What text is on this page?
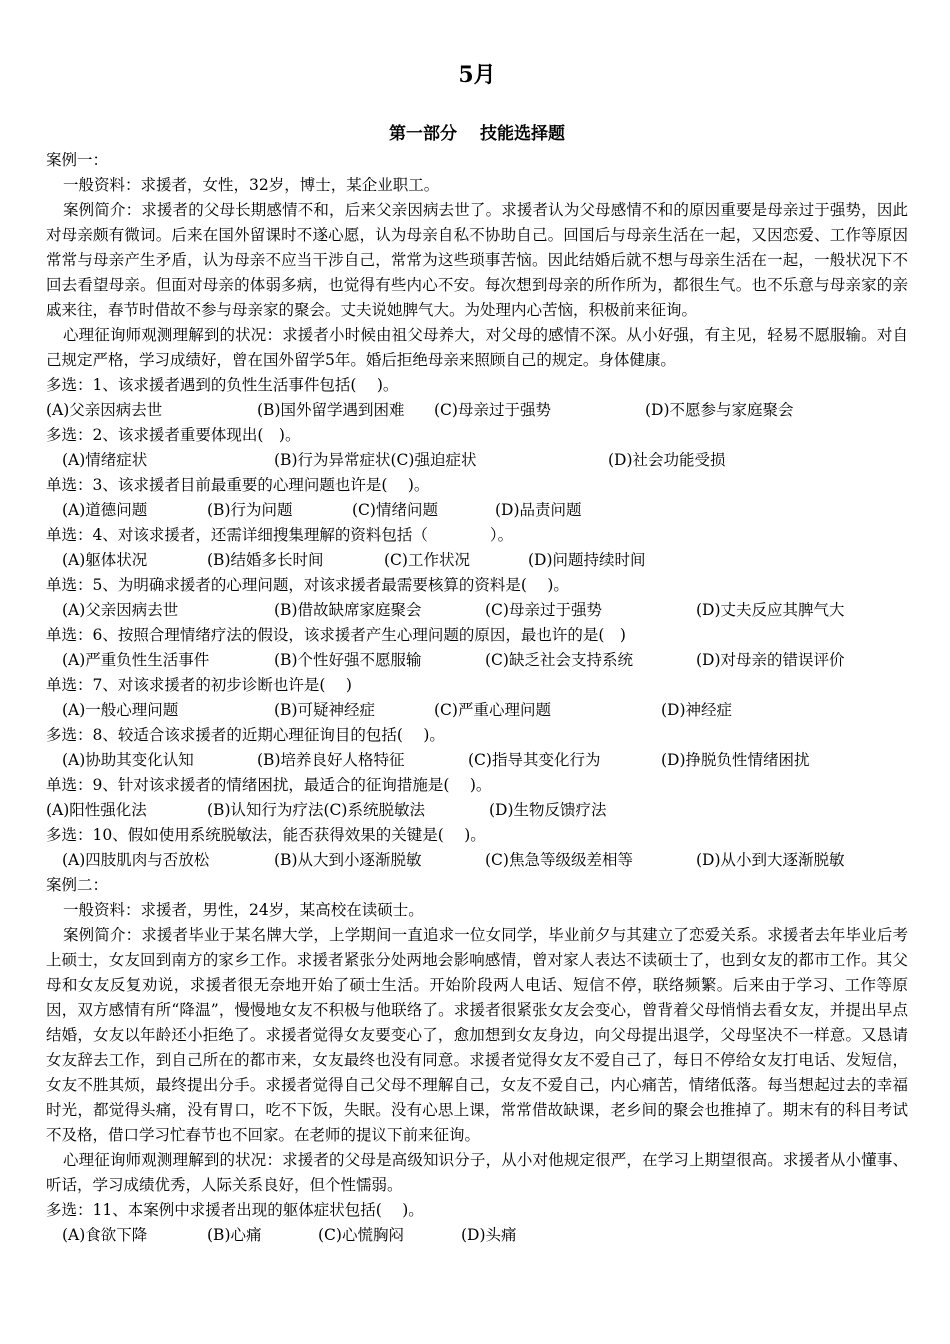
5月
第一部分　 技能选择题

案例一：

一般资料：求援者，女性，32岁，博士，某企业职工。

案例简介：求援者的父母长期感情不和，后来父亲因病去世了。求援者认为父母感情不和的原因重要是母亲过于强势，因此对母亲颇有微词。后来在国外留课时不遂心愿，认为母亲自私不协助自己。回国后与母亲生活在一起，又因恋爱、工作等原因常常与母亲产生矛盾，认为母亲不应当干涉自己，常常为这些琐事苦恼。因此结婚后就不想与母亲生活在一起，一般状况下不回去看望母亲。但面对母亲的体弱多病，也觉得有些内心不安。每次想到母亲的所作所为，都很生气。也不乐意与母亲家的亲戚来往，春节时借故不参与母亲家的聚会。丈夫说她脾气大。为处理内心苦恼，积极前来征询。

心理征询师观测理解到的状况：求援者小时候由祖父母养大，对父母的感情不深。从小好强，有主见，轻易不愿服输。对自己规定严格，学习成绩好，曾在国外留学5年。婚后拒绝母亲来照顾自己的规定。身体健康。

多选：1、该求援者遇到的负性生活事件包括(　 )。

(A)父亲因病去世	(B)国外留学遇到困难 (C)母亲过于强势	(D)不愿参与家庭聚会

多选：2、该求援者重要体现出(　)。

(A)情绪症状	(B)行为异常症状(C)强迫症状	(D)社会功能受损

单选：3、该求援者目前最重要的心理问题也许是(　 )。

(A)道德问题	(B)行为问题	(C)情绪问题	(D)品责问题

单选：4、对该求援者，还需详细搜集理解的资料包括（　　　　）。

(A)躯体状况	(B)结婚多长时间	(C)工作状况	(D)问题持续时间

单选：5、为明确求援者的心理问题，对该求援者最需要核算的资料是(　 )。

(A)父亲因病去世	(B)借故缺席家庭聚会	(C)母亲过于强势	(D)丈夫反应其脾气大

单选：6、按照合理情绪疗法的假设，该求援者产生心理问题的原因，最也许的是(　)

(A)严重负性生活事件	(B)个性好强不愿服输	(C)缺乏社会支持系统	(D)对母亲的错误评价

单选：7、对该求援者的初步诊断也许是(　 )

(A)一般心理问题	(B)可疑神经症	(C)严重心理问题	(D)神经症

多选：8、较适合该求援者的近期心理征询目的包括(　 )。

(A)协助其变化认知	(B)培养良好人格特征	(C)指导其变化行为	(D)挣脱负性情绪困扰

单选：9、针对该求援者的情绪困扰，最适合的征询措施是(　 )。

(A)阳性强化法	(B)认知行为疗法(C)系统脱敏法	(D)生物反馈疗法

多选：10、假如使用系统脱敏法，能否获得效果的关键是(　 )。

(A)四肢肌肉与否放松	(B)从大到小逐渐脱敏	(C)焦急等级级差相等	(D)从小到大逐渐脱敏

案例二：

一般资料：求援者，男性，24岁，某高校在读硕士。

案例简介：求援者毕业于某名牌大学，上学期间一直追求一位女同学，毕业前夕与其建立了恋爱关系。求援者去年毕业后考上硕士，女友回到南方的家乡工作。求援者紧张分处两地会影响感情，曾对家人表达不读硕士了，也到女友的都市工作。其父母和女友反复劝说，求援者很无奈地开始了硕士生活。开始阶段两人电话、短信不停，联络频繁。后来由于学习、工作等原因，双方感情有所“降温”，慢慢地女友不积极与他联络了。求援者很紧张女友会变心，曾背着父母悄悄去看女友，并提出早点结婚，女友以年龄还小拒绝了。求援者觉得女友要变心了，愈加想到女友身边，向父母提出退学，父母坚决不一样意。又恳请女友辞去工作，到自己所在的都市来，女友最终也没有同意。求援者觉得女友不爱自己了，每日不停给女友打电话、发短信，女友不胜其烦，最终提出分手。求援者觉得自己父母不理解自己，女友不爱自己，内心痛苦，情绪低落。每当想起过去的幸福时光，都觉得头痛，没有胃口，吃不下饭，失眠。没有心思上课，常常借故缺课，老乡间的聚会也推掉了。期末有的科目考试不及格，借口学习忙春节也不回家。在老师的提议下前来征询。

心理征询师观测理解到的状况：求援者的父母是高级知识分子，从小对他规定很严，在学习上期望很高。求援者从小懂事、听话，学习成绩优秀，人际关系良好，但个性懦弱。

多选：11、本案例中求援者出现的躯体症状包括(　 )。

(A)食欲下降	(B)心痛	(C)心慌胸闷	(D)头痛
